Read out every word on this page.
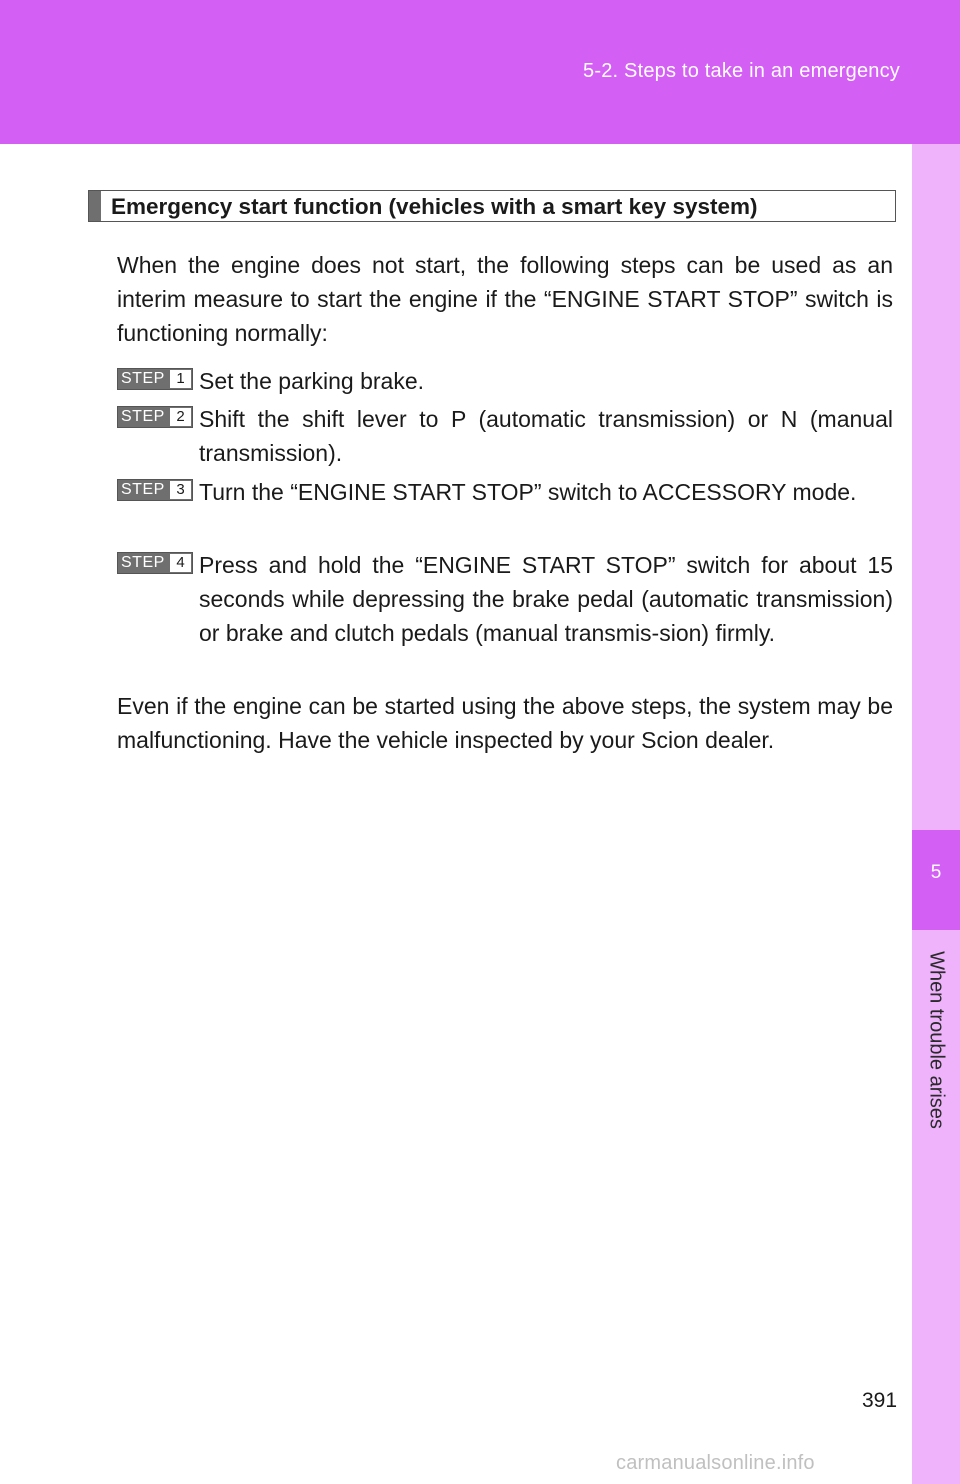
5-2. Steps to take in an emergency
5
When trouble arises
Emergency start function (vehicles with a smart key system)

When the engine does not start, the following steps can be used as an interim measure to start the engine if the “ENGINE START STOP” switch is functioning normally:

STEP 1 Set the parking brake.

STEP 2 Shift the shift lever to P (automatic transmission) or N (manual transmission).

STEP 3 Turn the “ENGINE START STOP” switch to ACCESSORY mode.

STEP 4 Press and hold the “ENGINE START STOP” switch for about 15 seconds while depressing the brake pedal (automatic transmission) or brake and clutch pedals (manual transmis-sion) firmly.

Even if the engine can be started using the above steps, the system may be malfunctioning. Have the vehicle inspected by your Scion dealer.

391
carmanualsonline.info
